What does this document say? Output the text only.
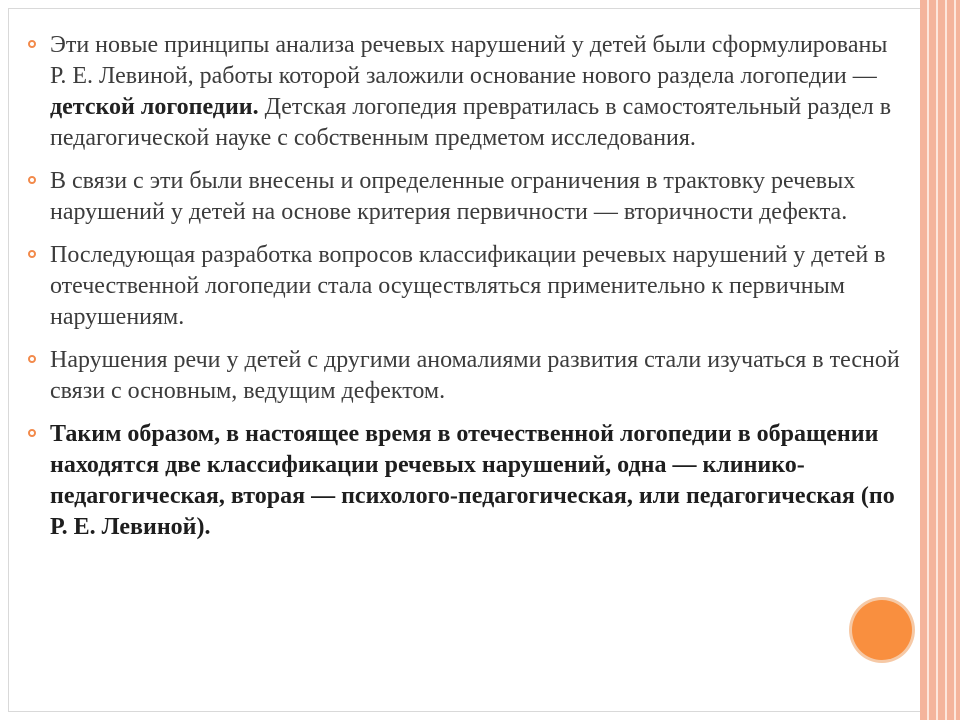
Эти новые принципы анализа речевых нарушений у детей были сформулированы Р. Е. Левиной, работы которой заложили основание нового раздела логопедии — детской логопедии. Детская логопедия превратилась в самостоятельный раздел в педагогической науке с собственным предметом исследования.
В связи с эти были внесены и определенные ограничения в трактовку речевых нарушений у детей на основе критерия первичности — вторичности дефекта.
Последующая разработка вопросов классификации речевых нарушений у детей в отечественной логопедии стала осуществляться применительно к первичным нарушениям.
Нарушения речи у детей с другими аномалиями развития стали изучаться в тесной связи с основным, ведущим дефектом.
Таким образом, в настоящее время в отечественной логопедии в обращении находятся две классификации речевых нарушений, одна — клинико-педагогическая, вторая — психолого-педагогическая, или педагогическая (по Р. Е. Левиной).
